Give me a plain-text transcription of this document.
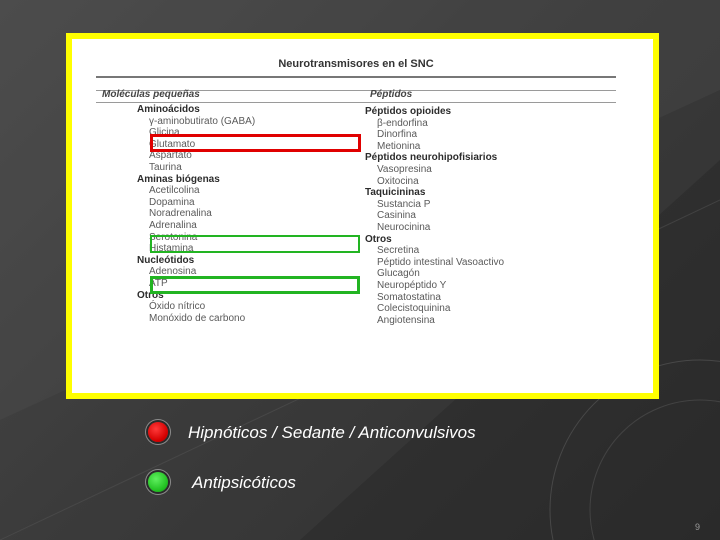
Neurotransmisores en el SNC
Moléculas pequeñas	Péptidos
Aminoácidos
γ-aminobutirato (GABA)
Glicina
Glutamato
Aspartato
Taurina
Aminas biógenas
Acetilcolina
Dopamina
Noradrenalina
Adrenalina
Serotonina
Histamina
Nucleótidos
Adenosina
ATP
Otros
Óxido nítrico
Monóxido de carbono
Péptidos opioides
β-endorfina
Dinorfina
Metionina
Péptidos neurohipofisiarios
Vasopresina
Oxitocina
Taquicininas
Sustancia P
Casinina
Neurocinina
Otros
Secretina
Péptido intestinal Vasoactivo
Glucagón
Neuropéptido Y
Somatostatina
Colecistoquinina
Angiotensina
Hipnóticos / Sedante / Anticonvulsivos
Antipsicóticos
9
